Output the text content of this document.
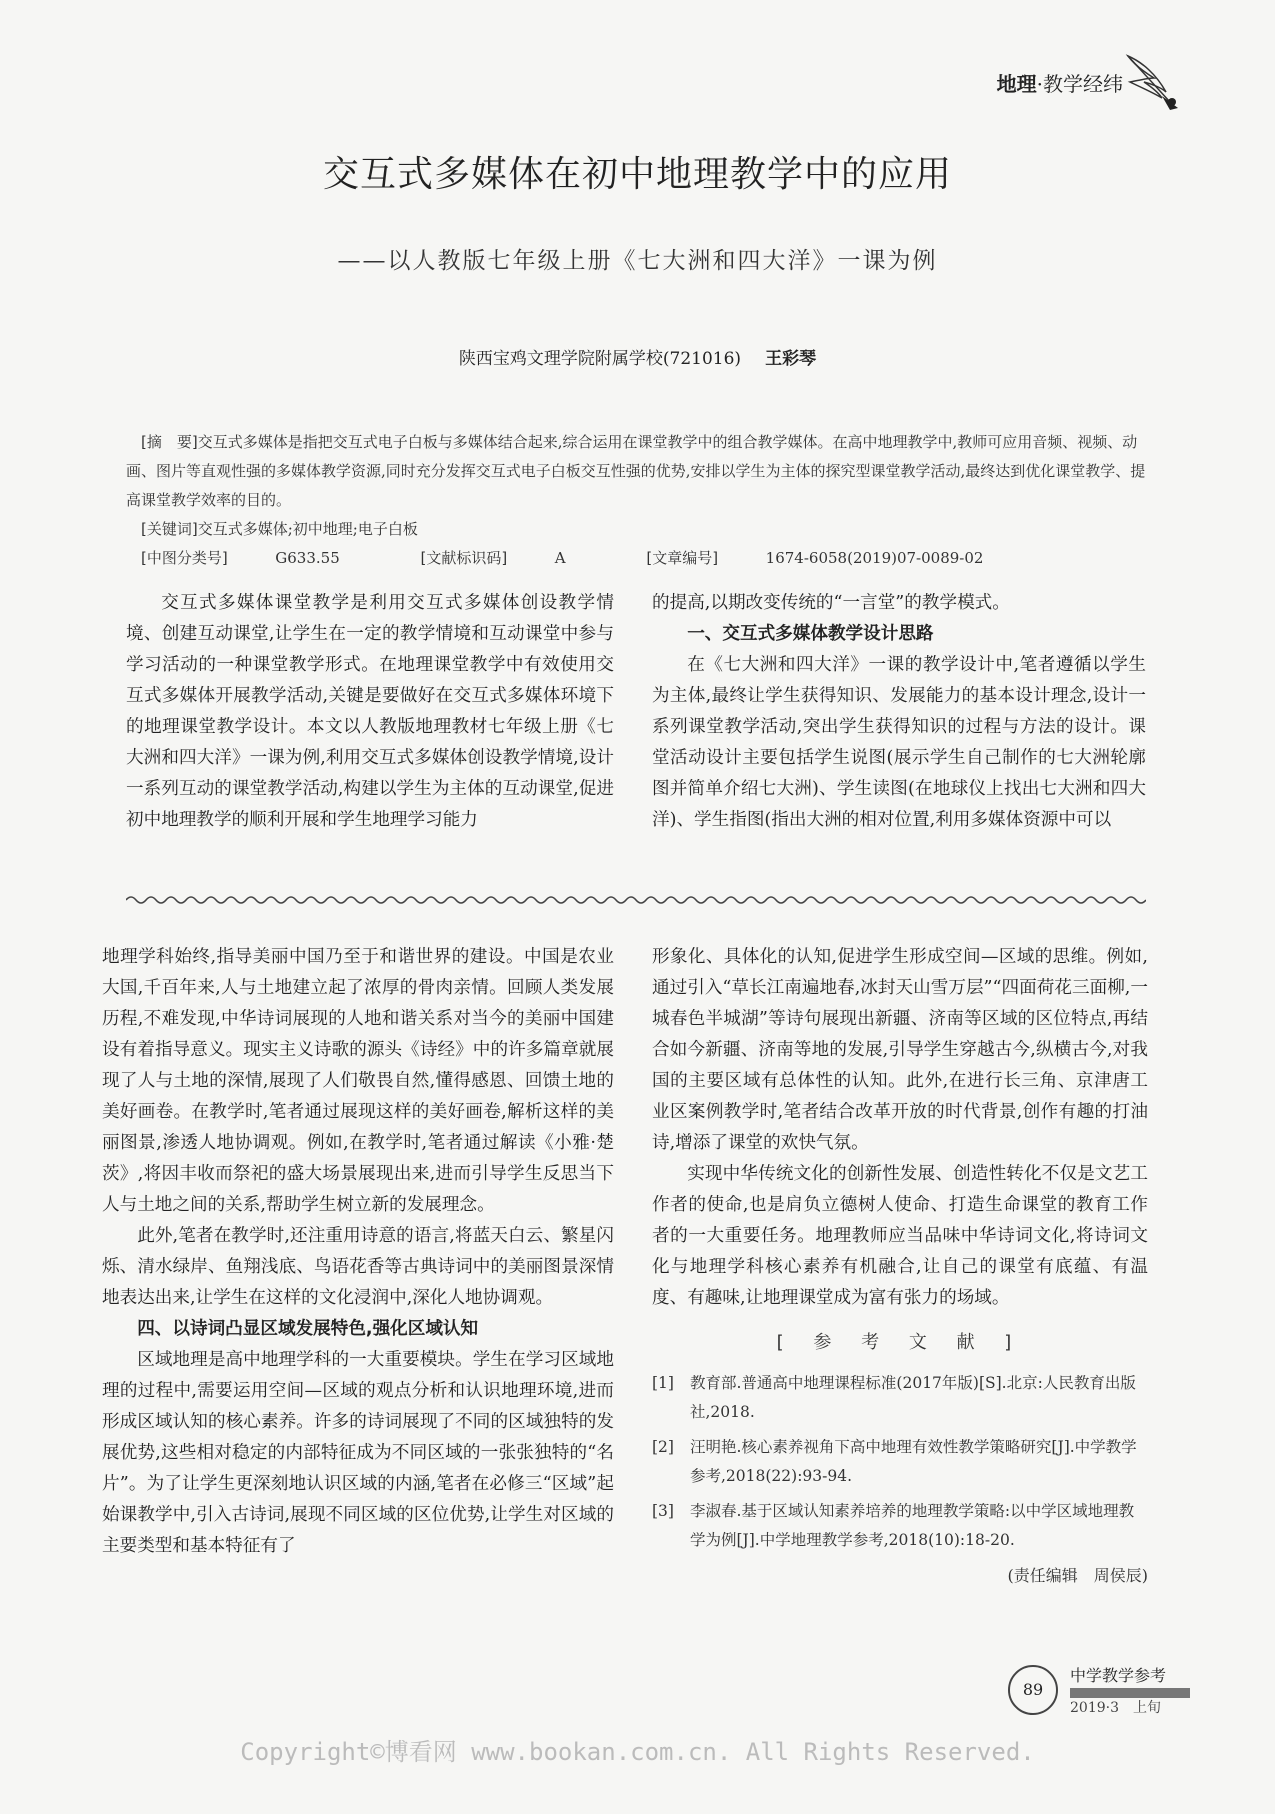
地理·教学经纬
交互式多媒体在初中地理教学中的应用
——以人教版七年级上册《七大洲和四大洋》一课为例
陕西宝鸡文理学院附属学校(721016) 王彩琴

[摘　要]交互式多媒体是指把交互式电子白板与多媒体结合起来,综合运用在课堂教学中的组合教学媒体。在高中地理教学中,教师可应用音频、视频、动画、图片等直观性强的多媒体教学资源,同时充分发挥交互式电子白板交互性强的优势,安排以学生为主体的探究型课堂教学活动,最终达到优化课堂教学、提高课堂教学效率的目的。

[关键词]交互式多媒体;初中地理;电子白板

[中图分类号]	G633.55	[文献标识码]	A	[文章编号]	1674-6058(2019)07-0089-02

交互式多媒体课堂教学是利用交互式多媒体创设教学情境、创建互动课堂,让学生在一定的教学情境和互动课堂中参与学习活动的一种课堂教学形式。在地理课堂教学中有效使用交互式多媒体开展教学活动,关键是要做好在交互式多媒体环境下的地理课堂教学设计。本文以人教版地理教材七年级上册《七大洲和四大洋》一课为例,利用交互式多媒体创设教学情境,设计一系列互动的课堂教学活动,构建以学生为主体的互动课堂,促进初中地理教学的顺利开展和学生地理学习能力

的提高,以期改变传统的“一言堂”的教学模式。

一、交互式多媒体教学设计思路

在《七大洲和四大洋》一课的教学设计中,笔者遵循以学生为主体,最终让学生获得知识、发展能力的基本设计理念,设计一系列课堂教学活动,突出学生获得知识的过程与方法的设计。课堂活动设计主要包括学生说图(展示学生自己制作的七大洲轮廓图并简单介绍七大洲)、学生读图(在地球仪上找出七大洲和四大洋)、学生指图(指出大洲的相对位置,利用多媒体资源中可以

地理学科始终,指导美丽中国乃至于和谐世界的建设。中国是农业大国,千百年来,人与土地建立起了浓厚的骨肉亲情。回顾人类发展历程,不难发现,中华诗词展现的人地和谐关系对当今的美丽中国建设有着指导意义。现实主义诗歌的源头《诗经》中的许多篇章就展现了人与土地的深情,展现了人们敬畏自然,懂得感恩、回馈土地的美好画卷。在教学时,笔者通过展现这样的美好画卷,解析这样的美丽图景,渗透人地协调观。例如,在教学时,笔者通过解读《小雅·楚茨》,将因丰收而祭祀的盛大场景展现出来,进而引导学生反思当下人与土地之间的关系,帮助学生树立新的发展理念。

此外,笔者在教学时,还注重用诗意的语言,将蓝天白云、繁星闪烁、清水绿岸、鱼翔浅底、鸟语花香等古典诗词中的美丽图景深情地表达出来,让学生在这样的文化浸润中,深化人地协调观。

四、以诗词凸显区域发展特色,强化区域认知

区域地理是高中地理学科的一大重要模块。学生在学习区域地理的过程中,需要运用空间—区域的观点分析和认识地理环境,进而形成区域认知的核心素养。许多的诗词展现了不同的区域独特的发展优势,这些相对稳定的内部特征成为不同区域的一张张独特的“名片”。为了让学生更深刻地认识区域的内涵,笔者在必修三“区域”起始课教学中,引入古诗词,展现不同区域的区位优势,让学生对区域的主要类型和基本特征有了

形象化、具体化的认知,促进学生形成空间—区域的思维。例如,通过引入“草长江南遍地春,冰封天山雪万层”“四面荷花三面柳,一城春色半城湖”等诗句展现出新疆、济南等区域的区位特点,再结合如今新疆、济南等地的发展,引导学生穿越古今,纵横古今,对我国的主要区域有总体性的认知。此外,在进行长三角、京津唐工业区案例教学时,笔者结合改革开放的时代背景,创作有趣的打油诗,增添了课堂的欢快气氛。

实现中华传统文化的创新性发展、创造性转化不仅是文艺工作者的使命,也是肩负立德树人使命、打造生命课堂的教育工作者的一大重要任务。地理教师应当品味中华诗词文化,将诗词文化与地理学科核心素养有机融合,让自己的课堂有底蕴、有温度、有趣味,让地理课堂成为富有张力的场域。

[ 参 考 文 献 ]
[1]	教育部.普通高中地理课程标准(2017年版)[S].北京:人民教育出版社,2018.
[2]	汪明艳.核心素养视角下高中地理有效性教学策略研究[J].中学教学参考,2018(22):93-94.
[3]	李淑春.基于区域认知素养培养的地理教学策略:以中学区域地理教学为例[J].中学地理教学参考,2018(10):18-20.
(责任编辑　周侯辰)
89
中学教学参考
2019·3　上旬
Copyright©博看网 www.bookan.com.cn. All Rights Reserved.
